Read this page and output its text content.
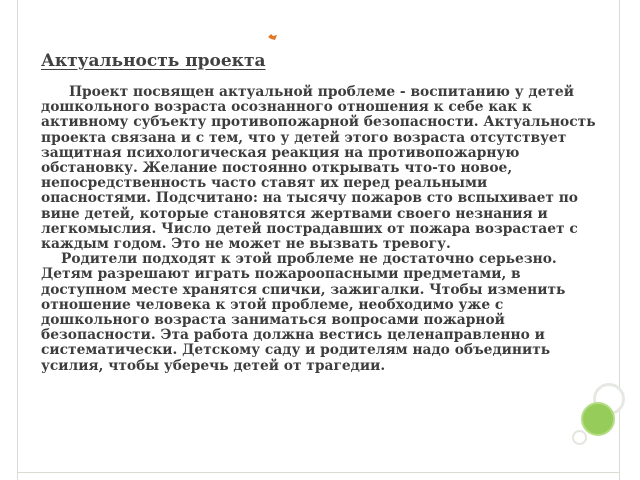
Актуальность проекта

Проект посвящен актуальной проблеме - воспитанию у детей дошкольного возраста осознанного отношения к себе как к активному субъекту противопожарной безопасности. Актуальность проекта связана и с тем, что у детей этого возраста отсутствует защитная психологическая реакция на противопожарную обстановку. Желание постоянно открывать что-то новое, непосредственность часто ставят их перед реальными опасностями. Подсчитано: на тысячу пожаров сто вспыхивает по вине детей, которые становятся жертвами своего незнания и легкомыслия. Число детей пострадавших от пожара возрастает с каждым годом. Это не может не вызвать тревогу.

Родители подходят к этой проблеме не достаточно серьезно. Детям разрешают играть пожароопасными предметами, в доступном месте хранятся спички, зажигалки. Чтобы изменить отношение человека к этой проблеме, необходимо уже с дошкольного возраста заниматься вопросами пожарной безопасности. Эта работа должна вестись целенаправленно и систематически. Детскому саду и родителям надо объединить усилия, чтобы уберечь детей от трагедии.
